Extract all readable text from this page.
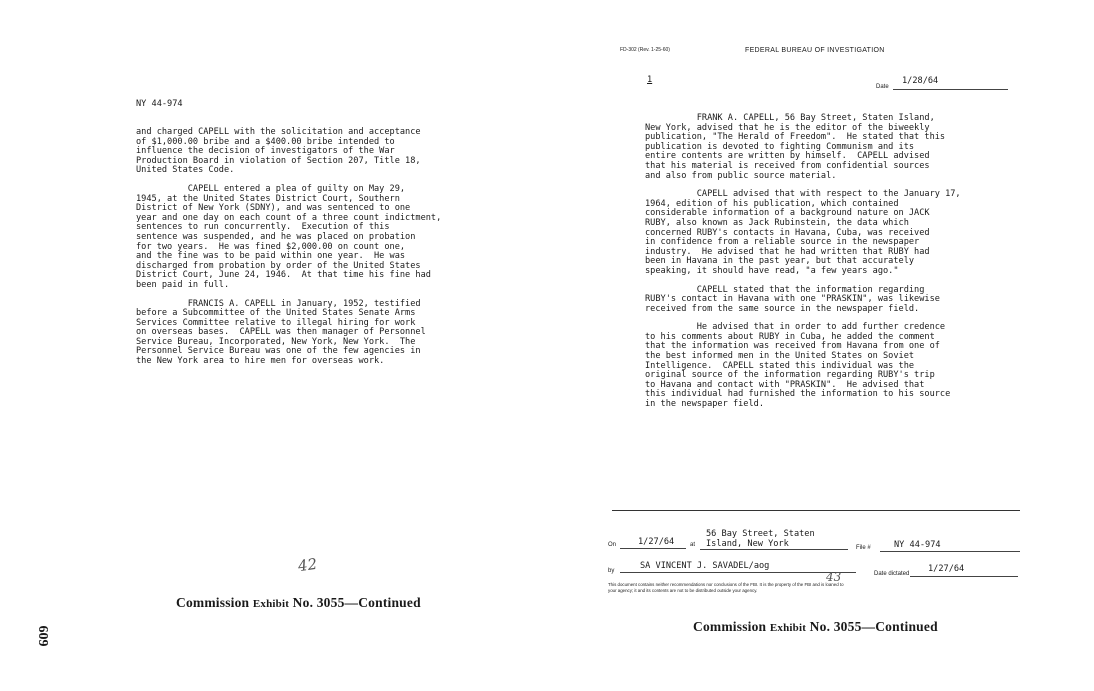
NY 44-974

and charged CAPELL with the solicitation and acceptance
of $1,000.00 bribe and a $400.00 bribe intended to
influence the decision of investigators of the War
Production Board in violation of Section 207, Title 18,
United States Code.

CAPELL entered a plea of guilty on May 29,
1945, at the United States District Court, Southern
District of New York (SDNY), and was sentenced to one
year and one day on each count of a three count indictment,
sentences to run concurrently.  Execution of this
sentence was suspended, and he was placed on probation
for two years.  He was fined $2,000.00 on count one,
and the fine was to be paid within one year.  He was
discharged from probation by order of the United States
District Court, June 24, 1946.  At that time his fine had
been paid in full.

FRANCIS A. CAPELL in January, 1952, testified
before a Subcommittee of the United States Senate Arms
Services Committee relative to illegal hiring for work
on overseas bases.  CAPELL was then manager of Personnel
Service Bureau, Incorporated, New York, New York.  The
Personnel Service Bureau was one of the few agencies in
the New York area to hire men for overseas work.

42
Commission Exhibit No. 3055—Continued
609
FD-302 (Rev. 1-25-60)	FEDERAL BUREAU OF INVESTIGATION
1
Date
1/28/64

FRANK A. CAPELL, 56 Bay Street, Staten Island,
New York, advised that he is the editor of the biweekly
publication, "The Herald of Freedom".  He stated that this
publication is devoted to fighting Communism and its
entire contents are written by himself.  CAPELL advised
that his material is received from confidential sources
and also from public source material.

CAPELL advised that with respect to the January 17,
1964, edition of his publication, which contained
considerable information of a background nature on JACK
RUBY, also known as Jack Rubinstein, the data which
concerned RUBY's contacts in Havana, Cuba, was received
in confidence from a reliable source in the newspaper
industry.  He advised that he had written that RUBY had
been in Havana in the past year, but that accurately
speaking, it should have read, "a few years ago."

CAPELL stated that the information regarding
RUBY's contact in Havana with one "PRASKIN", was likewise
received from the same source in the newspaper field.

He advised that in order to add further credence
to his comments about RUBY in Cuba, he added the comment
that the information was received from Havana from one of
the best informed men in the United States on Soviet
Intelligence.  CAPELL stated this individual was the
original source of the information regarding RUBY's trip
to Havana and contact with "PRASKIN".  He advised that
this individual had furnished the information to his source
in the newspaper field.

On	1/27/64	at
56 Bay Street, Staten
Island, New York	File #	NY 44-974
by	SA VINCENT J. SAVADEL/aog
43	Date dictated 1/27/64
This document contains neither recommendations nor conclusions of the FBI. It is the property of the FBI and is loaned to
your agency; it and its contents are not to be distributed outside your agency.
Commission Exhibit No. 3055—Continued
